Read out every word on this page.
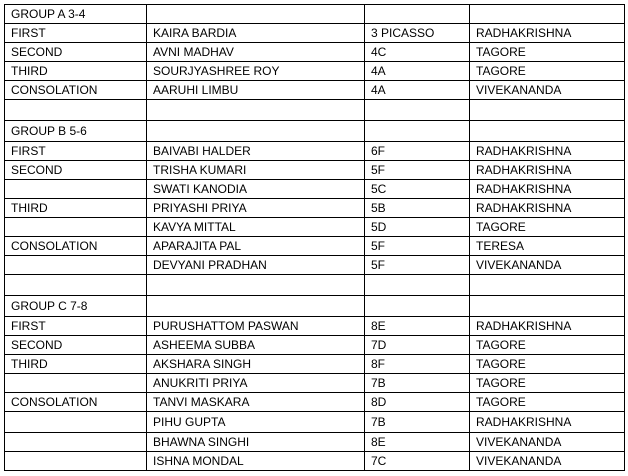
GROUP A 3-4			
FIRST	KAIRA BARDIA	3 PICASSO	RADHAKRISHNA
SECOND	AVNI MADHAV	4C	TAGORE
THIRD	SOURJYASHREE ROY	4A	TAGORE
CONSOLATION	AARUHI LIMBU	4A	VIVEKANANDA

GROUP B 5-6			
FIRST	BAIVABI HALDER	6F	RADHAKRISHNA
SECOND	TRISHA KUMARI	5F	RADHAKRISHNA
	SWATI KANODIA	5C	RADHAKRISHNA
THIRD	PRIYASHI PRIYA	5B	RADHAKRISHNA
	KAVYA MITTAL	5D	TAGORE
CONSOLATION	APARAJITA PAL	5F	TERESA
	DEVYANI PRADHAN	5F	VIVEKANANDA

GROUP C 7-8			
FIRST	PURUSHATTOM PASWAN	8E	RADHAKRISHNA
SECOND	ASHEEMA SUBBA	7D	TAGORE
THIRD	AKSHARA SINGH	8F	TAGORE
	ANUKRITI PRIYA	7B	TAGORE
CONSOLATION	TANVI MASKARA	8D	TAGORE
	PIHU GUPTA	7B	RADHAKRISHNA
	BHAWNA SINGHI	8E	VIVEKANANDA
	ISHNA MONDAL	7C	VIVEKANANDA
